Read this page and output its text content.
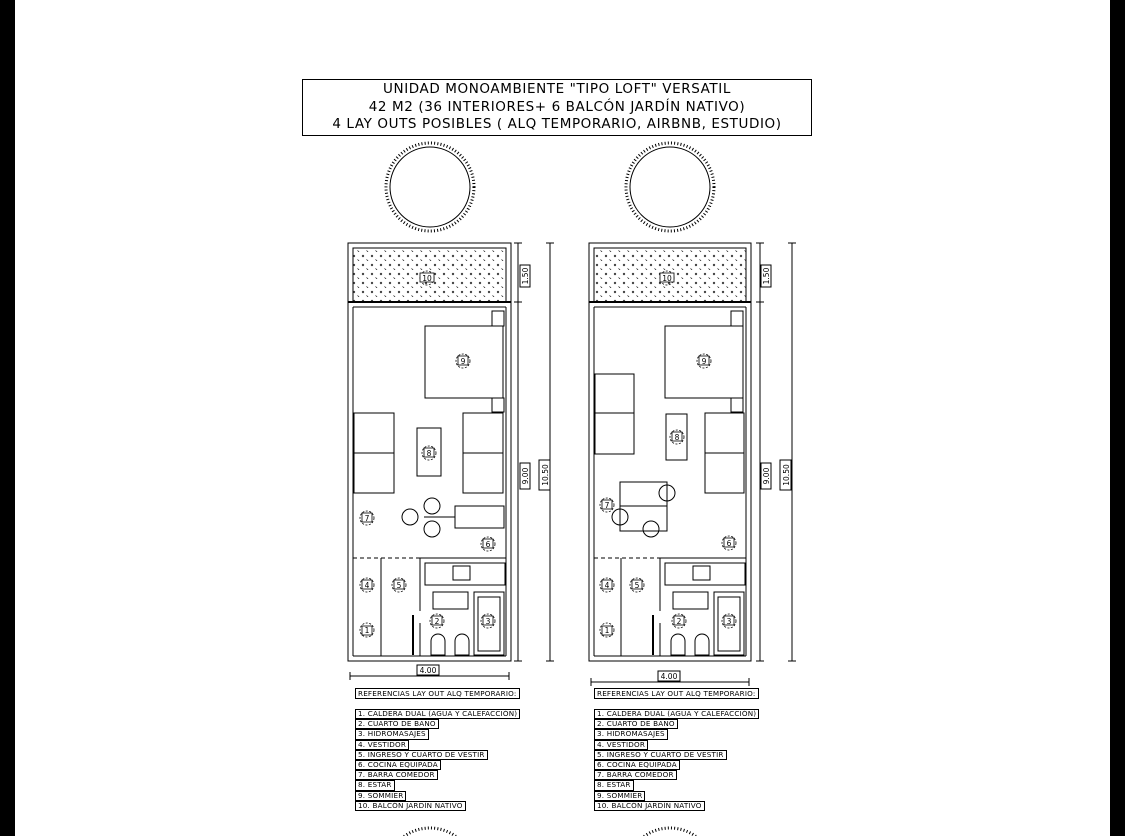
UNIDAD MONOAMBIENTE "TIPO LOFT" VERSATIL
42 M2 (36 INTERIORES+ 6 BALCÓN JARDÍN NATIVO)
4 LAY OUTS POSIBLES ( ALQ TEMPORARIO, AIRBNB, ESTUDIO)
1.50
9.00 10.50
4.00
1
4	5
2	3
6
7
8
9
10	1.50
9.00 10.50
4.00
1
4	5
2	3
6
7
8
9
10
REFERENCIAS LAY OUT ALQ TEMPORARIO:
1. CALDERA DUAL (AGUA Y CALEFACCIÓN)
2. CUARTO DE BAÑO
3. HIDROMASAJES
4. VESTIDOR
5. INGRESO Y CUARTO DE VESTIR
6. COCINA EQUIPADA
7. BARRA COMEDOR
8. ESTAR
9. SOMMIER
10. BALCÓN JARDÍN NATIVO
REFERENCIAS LAY OUT ALQ TEMPORARIO:
1. CALDERA DUAL (AGUA Y CALEFACCIÓN)
2. CUARTO DE BAÑO
3. HIDROMASAJES
4. VESTIDOR
5. INGRESO Y CUARTO DE VESTIR
6. COCINA EQUIPADA
7. BARRA COMEDOR
8. ESTAR
9. SOMMIER
10. BALCÓN JARDÍN NATIVO
